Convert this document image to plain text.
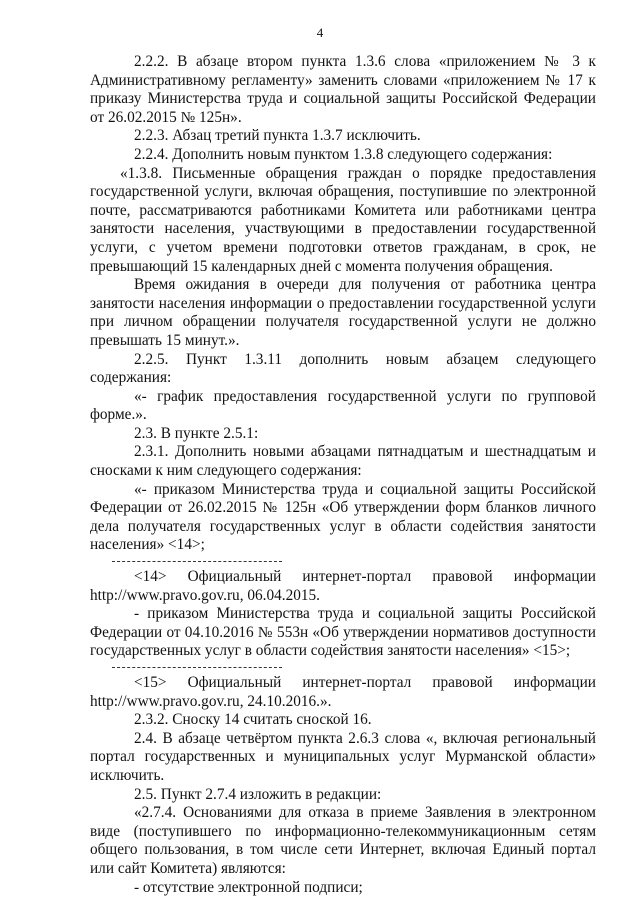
4

2.2.2. В абзаце втором пункта 1.3.6 слова «приложением № 3 к Административному регламенту» заменить словами «приложением № 17 к приказу Министерства труда и социальной защиты Российской Федерации от 26.02.2015 № 125н».

2.2.3. Абзац третий пункта 1.3.7 исключить.

2.2.4. Дополнить новым пунктом 1.3.8 следующего содержания:

«1.3.8. Письменные обращения граждан о порядке предоставления государственной услуги, включая обращения, поступившие по электронной почте, рассматриваются работниками Комитета или работниками центра занятости населения, участвующими в предоставлении государственной услуги, с учетом времени подготовки ответов гражданам, в срок, не превышающий 15 календарных дней с момента получения обращения.

Время ожидания в очереди для получения от работника центра занятости населения информации о предоставлении государственной услуги при личном обращении получателя государственной услуги не должно превышать 15 минут.».

2.2.5. Пункт 1.3.11 дополнить новым абзацем следующего содержания:

«- график предоставления государственной услуги по групповой форме.».

2.3. В пункте 2.5.1:

2.3.1. Дополнить новыми абзацами пятнадцатым и шестнадцатым и сносками к ним следующего содержания:

«- приказом Министерства труда и социальной защиты Российской Федерации от 26.02.2015 № 125н «Об утверждении форм бланков личного дела получателя государственных услуг в области содействия занятости населения» <14>;

<14> Официальный интернет-портал правовой информации http://www.pravo.gov.ru, 06.04.2015.

- приказом Министерства труда и социальной защиты Российской Федерации от 04.10.2016 № 553н «Об утверждении нормативов доступности государственных услуг в области содействия занятости населения» <15>;

<15> Официальный интернет-портал правовой информации http://www.pravo.gov.ru, 24.10.2016.».

2.3.2. Сноску 14 считать сноской 16.

2.4. В абзаце четвёртом пункта 2.6.3 слова «, включая региональный портал государственных и муниципальных услуг Мурманской области» исключить.

2.5. Пункт 2.7.4 изложить в редакции:

«2.7.4. Основаниями для отказа в приеме Заявления в электронном виде (поступившего по информационно-телекоммуникационным сетям общего пользования, в том числе сети Интернет, включая Единый портал или сайт Комитета) являются:

- отсутствие электронной подписи;
